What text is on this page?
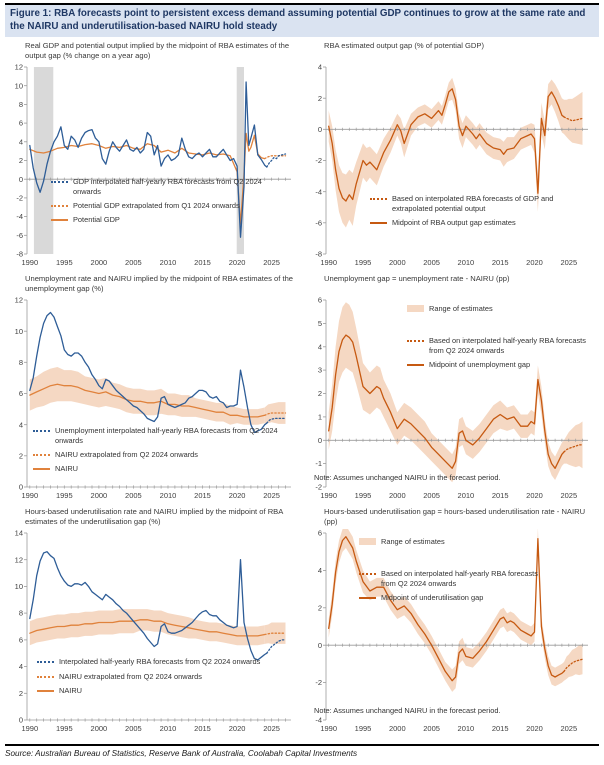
Figure 1: RBA forecasts point to persistent excess demand assuming potential GDP continues to grow at the same rate and the NAIRU and underutilisation-based NAIRU hold steady
Real GDP and potential output implied by the midpoint of RBA estimates of the output gap (% change on a year ago)
-8
-6
-4
-2
0
2
4
6
8
10
12
1990 1995 2000 2005 2010 2015 2020 2025
GDP interpolated half-yearly RBA forecasts from Q2 2024 onwards
Potential GDP extrapolated from Q1 2024 onwards
Potential GDP
RBA estimated output gap (% of potential GDP)
-8
-6
-4
-2
0
2
4
1990 1995 2000 2005 2010 2015 2020 2025
Based on interpolated RBA forecasts of GDP and extrapolated potential output
Midpoint of RBA output gap estimates
Unemployment rate and NAIRU implied by the midpoint of RBA estimates of the unemployment gap (%)
0
2
4
6
8
10
12
1990 1995 2000 2005 2010 2015 2020 2025
Unemployment interpolated half-yearly RBA forecasts from Q2 2024 onwards
NAIRU extrapolated from Q2 2024 onwards
NAIRU
Unemployment gap = unemployment rate - NAIRU (pp)
-2
-1
0
1
2
3
4
5
6
1990 1995 2000 2005 2010 2015 2020 2025
Range of estimates
Based on interpolated half-yearly RBA forecasts from Q2 2024 onwards
Midpoint of unemployment gap
Note: Assumes unchanged NAIRU in the forecast period.
Hours-based underutilisation rate and NAIRU implied by the midpoint of RBA estimates of the underutilisation gap (%)
0
2
4
6
8
10
12
14
1990 1995 2000 2005 2010 2015 2020 2025
Interpolated half-yearly RBA forecasts from Q2 2024 onwards
NAIRU extrapolated from Q2 2024 onwards
NAIRU
Hours-based underutilisation gap = hours-based underutilisation rate - NAIRU (pp)
-4
-2
0
2
4
6
1990 1995 2000 2005 2010 2015 2020 2025
Range of estimates
Based on interpolated half-yearly RBA forecasts from Q2 2024 onwards
Midpoint of underutilisation gap
Note: Assumes unchanged NAIRU in the forecast period.
Source: Australian Bureau of Statistics, Reserve Bank of Australia, Coolabah Capital Investments
